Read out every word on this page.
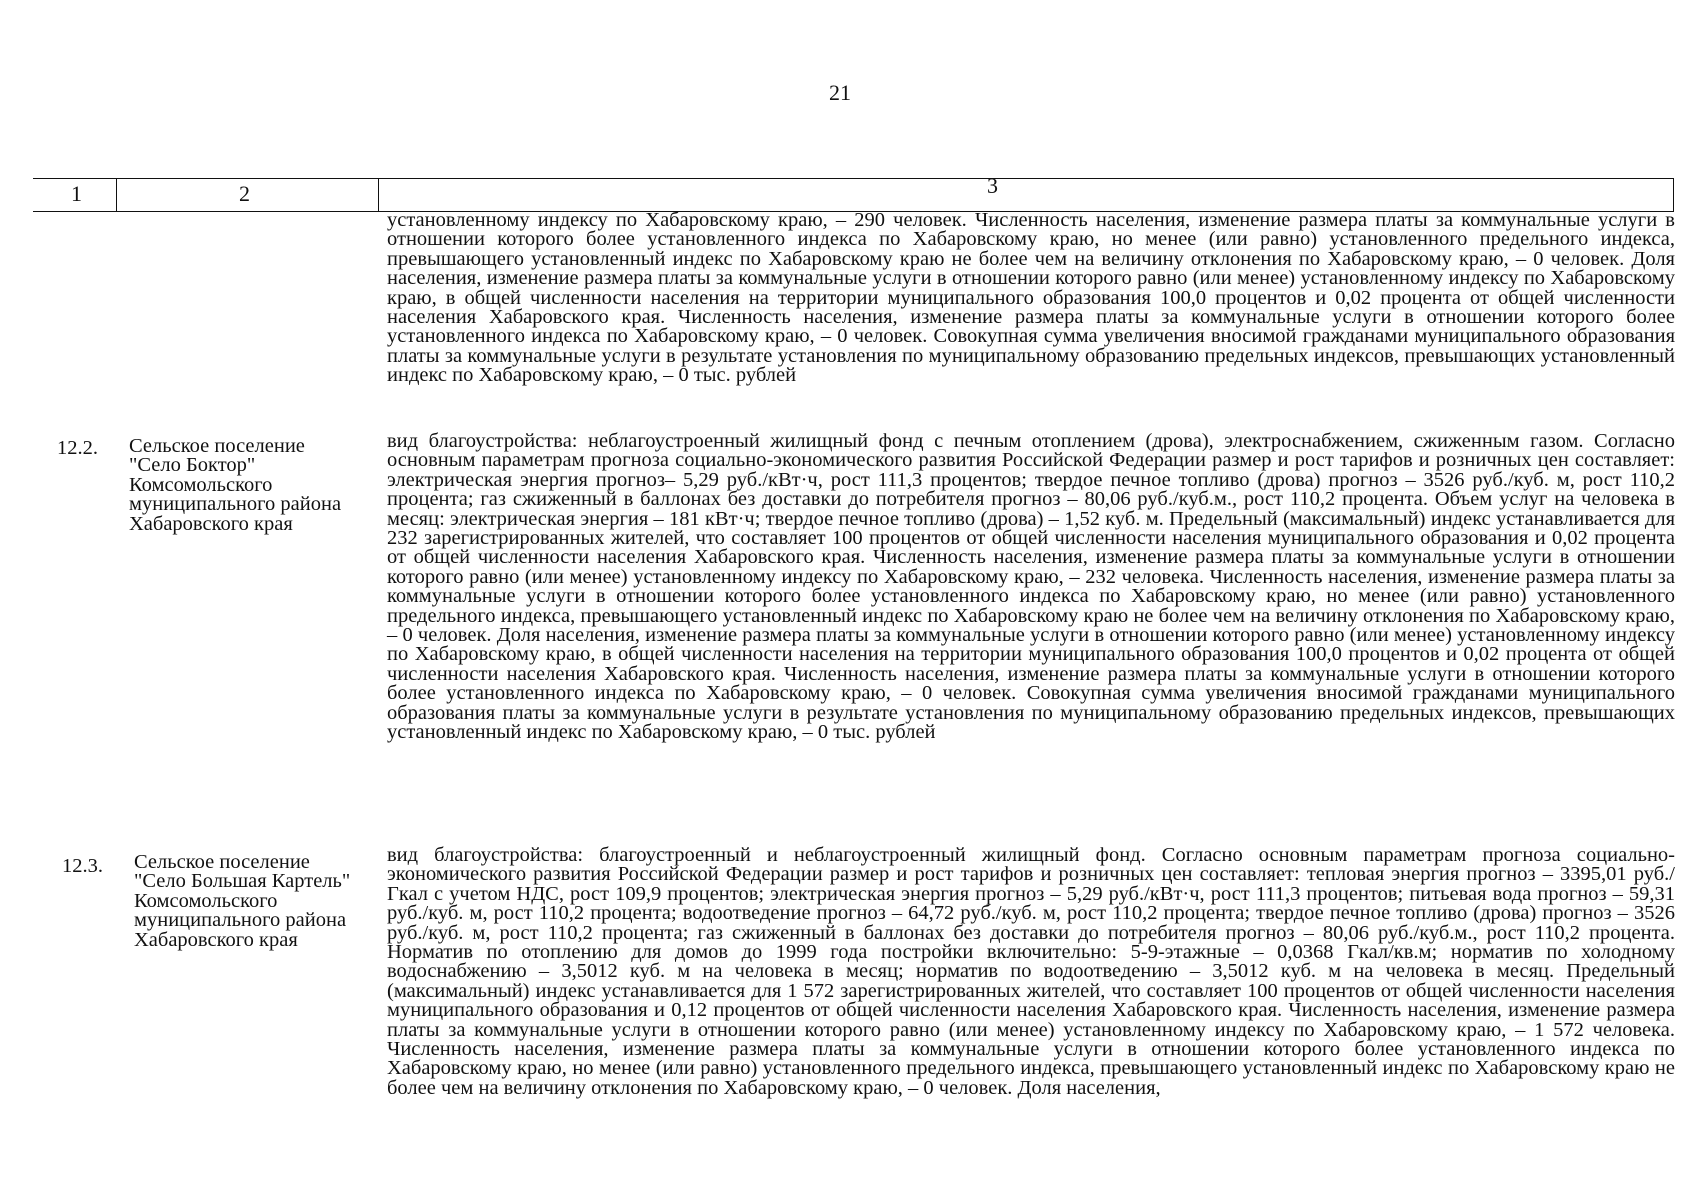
21
1	2	3
установленному индексу по Хабаровскому краю, – 290 человек. Численность населения, изменение размера платы за коммунальные услуги в отношении которого более установленного индекса по Хабаровскому краю, но менее (или равно) установленного предельного индекса, превышающего установленный индекс по Хабаровскому краю не более чем на величину отклонения по Хабаровскому краю, – 0 человек. Доля населения, изменение размера платы за коммунальные услуги в отношении которого равно (или менее) установленному индексу по Хабаровскому краю, в общей численности населения на территории муниципального образования 100,0 процентов и 0,02 процента от общей численности населения Хабаровского края. Численность населения, изменение размера платы за коммунальные услуги в отношении которого более установленного индекса по Хабаровскому краю, – 0 человек. Совокупная сумма увеличения вносимой гражданами муниципального образования платы за коммунальные услуги в результате установления по муниципальному образованию предельных индексов, превышающих установленный индекс по Хабаровскому краю, – 0 тыс. рублей
12.2. Сельское поселение "Село Боктор" Комсомольского муниципального района Хабаровского края
вид благоустройства: неблагоустроенный жилищный фонд с печным отоплением (дрова), электроснабжением, сжиженным газом. Согласно основным параметрам прогноза социально-экономического развития Российской Федерации размер и рост тарифов и розничных цен составляет: электрическая энергия прогноз– 5,29 руб./кВт·ч, рост 111,3 процентов; твердое печное топливо (дрова) прогноз – 3526 руб./куб. м, рост 110,2 процента; газ сжиженный в баллонах без доставки до потребителя прогноз – 80,06 руб./куб.м., рост 110,2 процента. Объем услуг на человека в месяц: электрическая энергия – 181 кВт·ч; твердое печное топливо (дрова) – 1,52 куб. м. Предельный (максимальный) индекс устанавливается для 232 зарегистрированных жителей, что составляет 100 процентов от общей численности населения муниципального образования и 0,02 процента от общей численности населения Хабаровского края. Численность населения, изменение размера платы за коммунальные услуги в отношении которого равно (или менее) установленному индексу по Хабаровскому краю, – 232 человека. Численность населения, изменение размера платы за коммунальные услуги в отношении которого более установленного индекса по Хабаровскому краю, но менее (или равно) установленного предельного индекса, превышающего установленный индекс по Хабаровскому краю не более чем на величину отклонения по Хабаровскому краю, – 0 человек. Доля населения, изменение размера платы за коммунальные услуги в отношении которого равно (или менее) установленному индексу по Хабаровскому краю, в общей численности населения на территории муниципального образования 100,0 процентов и 0,02 процента от общей численности населения Хабаровского края. Численность населения, изменение размера платы за коммунальные услуги в отношении которого более установленного индекса по Хабаровскому краю, – 0 человек. Совокупная сумма увеличения вносимой гражданами муниципального образования платы за коммунальные услуги в результате установления по муниципальному образованию предельных индексов, превышающих установленный индекс по Хабаровскому краю, – 0 тыс. рублей
12.3. Сельское поселение "Село Большая Картель" Комсомольского муниципального района Хабаровского края
вид благоустройства: благоустроенный и неблагоустроенный жилищный фонд. Согласно основным параметрам прогноза социально-экономического развития Российской Федерации размер и рост тарифов и розничных цен составляет: тепловая энергия прогноз – 3395,01 руб./Гкал с учетом НДС, рост 109,9 процентов; электрическая энергия прогноз – 5,29 руб./кВт·ч, рост 111,3 процентов; питьевая вода прогноз – 59,31 руб./куб. м, рост 110,2 процента; водоотведение прогноз – 64,72 руб./куб. м, рост 110,2 процента; твердое печное топливо (дрова) прогноз – 3526 руб./куб. м, рост 110,2 процента; газ сжиженный в баллонах без доставки до потребителя прогноз – 80,06 руб./куб.м., рост 110,2 процента. Норматив по отоплению для домов до 1999 года постройки включительно: 5-9-этажные – 0,0368 Гкал/кв.м; норматив по холодному водоснабжению – 3,5012 куб. м на человека в месяц; норматив по водоотведению – 3,5012 куб. м на человека в месяц. Предельный (максимальный) индекс устанавливается для 1 572 зарегистрированных жителей, что составляет 100 процентов от общей численности населения муниципального образования и 0,12 процентов от общей численности населения Хабаровского края. Численность населения, изменение размера платы за коммунальные услуги в отношении которого равно (или менее) установленному индексу по Хабаровскому краю, – 1 572 человека. Численность населения, изменение размера платы за коммунальные услуги в отношении которого более установленного индекса по Хабаровскому краю, но менее (или равно) установленного предельного индекса, превышающего установленный индекс по Хабаровскому краю не более чем на величину отклонения по Хабаровскому краю, – 0 человек. Доля населения,
